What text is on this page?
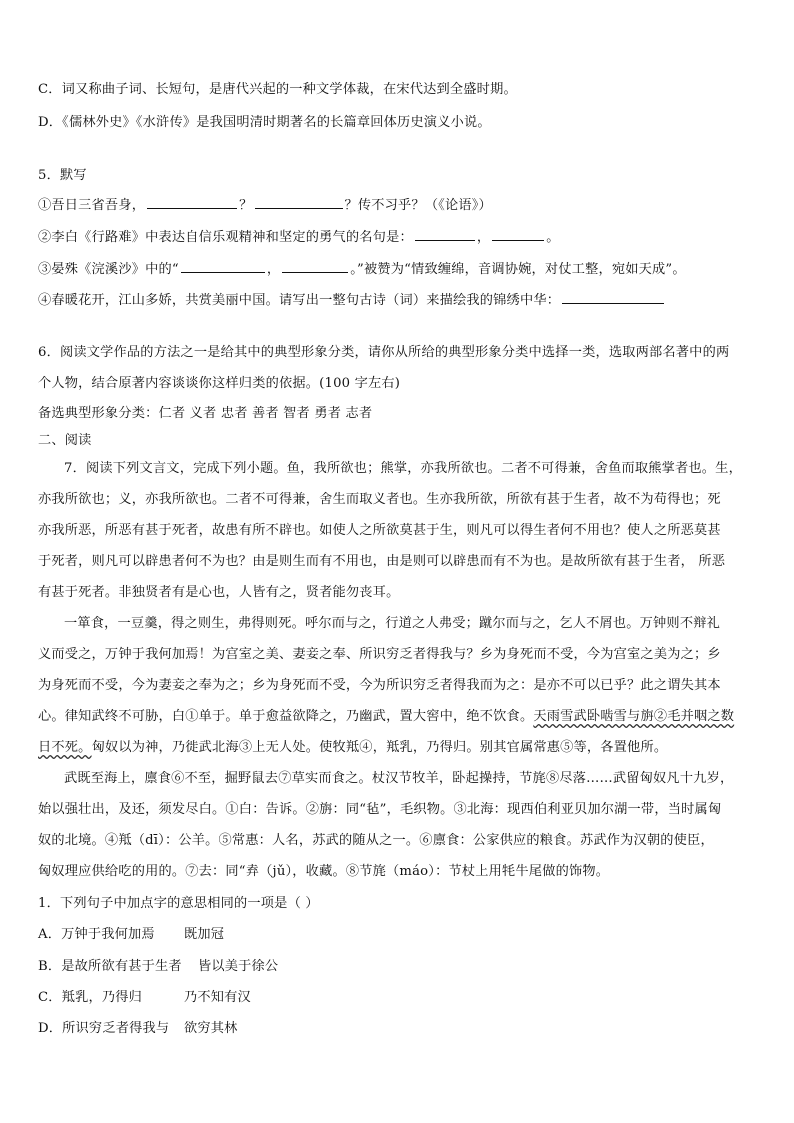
C．词又称曲子词、长短句，是唐代兴起的一种文学体裁，在宋代达到全盛时期。
D．《儒林外史》《水浒传》是我国明清时期著名的长篇章回体历史演义小说。
5．默写
①吾日三省吾身，	？	？传不习乎？（《论语》）
②李白《行路难》中表达自信乐观精神和坚定的勇气的名句是：	，	。
③晏殊《浣溪沙》中的“	，	。”被赞为“情致缠绵，音调协婉，对仗工整，宛如天成”。
④春暖花开，江山多娇，共赏美丽中国。请写出一整句古诗（词）来描绘我的锦绣中华：
6．阅读文学作品的方法之一是给其中的典型形象分类，请你从所给的典型形象分类中选择一类，选取两部名著中的两
个人物，结合原著内容谈谈你这样归类的依据。(100 字左右)
备选典型形象分类：仁者 义者 忠者 善者 智者 勇者 志者
二、阅读
7．阅读下列文言文，完成下列小题。鱼，我所欲也；熊掌，亦我所欲也。二者不可得兼，舍鱼而取熊掌者也。生，
亦我所欲也；义，亦我所欲也。二者不可得兼，舍生而取义者也。生亦我所欲，所欲有甚于生者，故不为苟得也；死
亦我所恶，所恶有甚于死者，故患有所不辟也。如使人之所欲莫甚于生，则凡可以得生者何不用也？使人之所恶莫甚
于死者，则凡可以辟患者何不为也？由是则生而有不用也，由是则可以辟患而有不为也。是故所欲有甚于生者， 所恶
有甚于死者。非独贤者有是心也，人皆有之，贤者能勿丧耳。
一箪食，一豆羹，得之则生，弗得则死。呼尔而与之，行道之人弗受；蹴尔而与之，乞人不屑也。万钟则不辩礼
义而受之，万钟于我何加焉！为宫室之美、妻妾之奉、所识穷乏者得我与？乡为身死而不受，今为宫室之美为之；乡
为身死而不受，今为妻妾之奉为之；乡为身死而不受，今为所识穷乏者得我而为之：是亦不可以已乎？此之谓失其本
心。律知武终不可胁，白①单于。单于愈益欲降之，乃幽武，置大窖中，绝不饮食。天雨雪武卧啮雪与旃②毛并咽之数
日不死。匈奴以为神，乃徙武北海③上无人处。使牧羝④，羝乳，乃得归。别其官属常惠⑤等，各置他所。
武既至海上，廪食⑥不至，掘野鼠去⑦草实而食之。杖汉节牧羊，卧起操持，节旄⑧尽落……武留匈奴凡十九岁，
始以强壮出，及还，须发尽白。①白：告诉。②旃：同“毡”，毛织物。③北海：现西伯利亚贝加尔湖一带，当时属匈
奴的北境。④羝（dī）：公羊。⑤常惠：人名，苏武的随从之一。⑥廪食：公家供应的粮食。苏武作为汉朝的使臣，
匈奴理应供给吃的用的。⑦去：同“弆（jǔ），收藏。⑧节旄（máo）：节杖上用牦牛尾做的饰物。
1．下列句子中加点字的意思相同的一项是（ ）
A．万钟于我何加焉 既加冠
B．是故所欲有甚于生者 皆以美于徐公
C．羝乳，乃得归	乃不知有汉
D．所识穷乏者得我与 欲穷其林
